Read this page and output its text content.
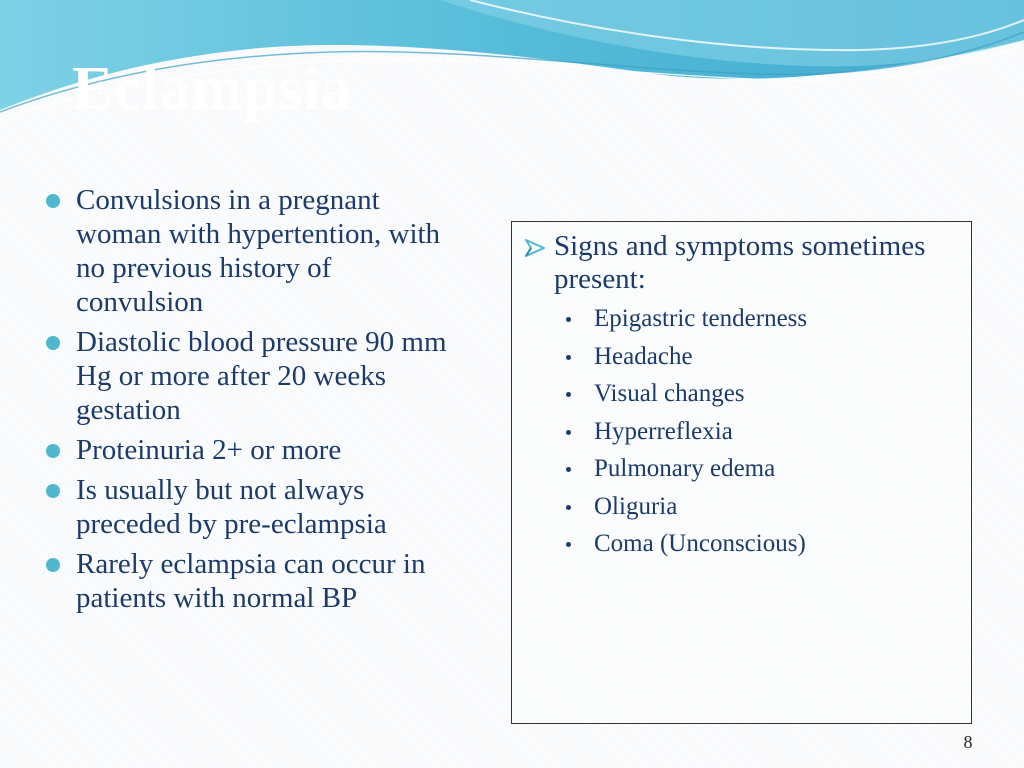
Eclampsia
Convulsions in a pregnant woman with hypertention, with no previous history of convulsion
Diastolic blood pressure 90 mm Hg or more after 20 weeks gestation
Proteinuria 2+ or more
Is usually but not always preceded by pre-eclampsia
Rarely eclampsia can occur in patients with normal BP
Signs and symptoms sometimes present:
Epigastric tenderness
Headache
Visual changes
Hyperreflexia
Pulmonary edema
Oliguria
Coma (Unconscious)
8
